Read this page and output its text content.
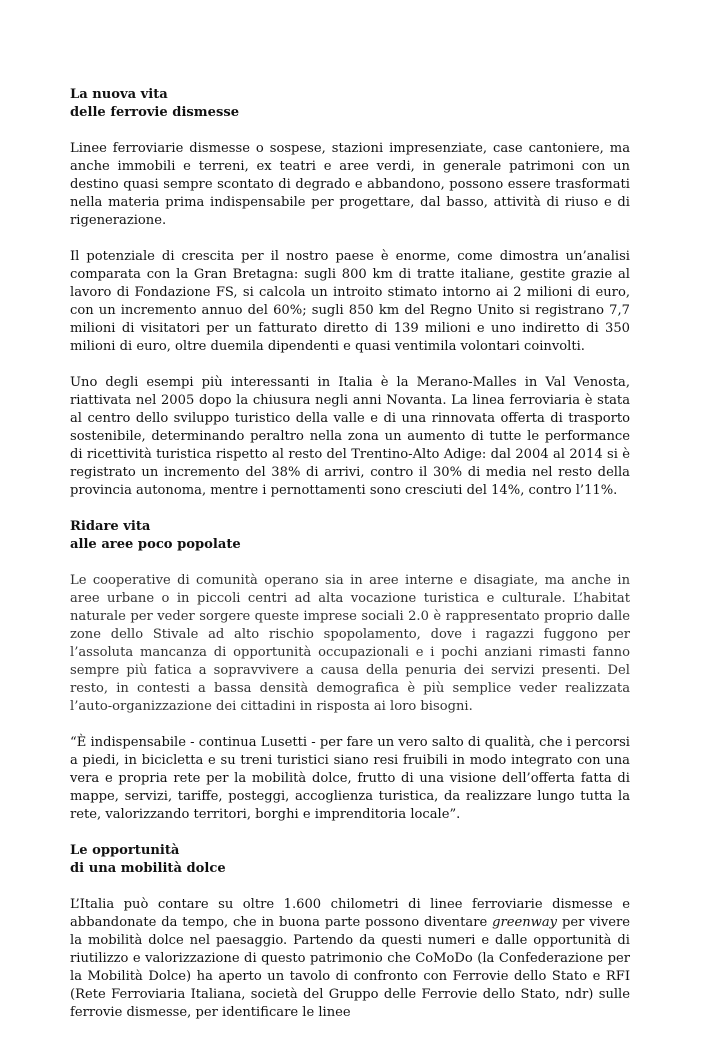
La nuova vita
delle ferrovie dismesse

Linee ferroviarie dismesse o sospese, stazioni impresenziate, case cantoniere, ma anche immobili e terreni, ex teatri e aree verdi, in generale patrimoni con un destino quasi sempre scontato di degrado e abbandono, possono essere trasformati nella materia prima indispensabile per progettare, dal basso, attività di riuso e di rigenerazione.

Il potenziale di crescita per il nostro paese è enorme, come dimostra un’analisi comparata con la Gran Bretagna: sugli 800 km di tratte italiane, gestite grazie al lavoro di Fondazione FS, si calcola un introito stimato intorno ai 2 milioni di euro, con un incremento annuo del 60%; sugli 850 km del Regno Unito si registrano 7,7 milioni di visitatori per un fatturato diretto di 139 milioni e uno indiretto di 350 milioni di euro, oltre duemila dipendenti e quasi ventimila volontari coinvolti.

Uno degli esempi più interessanti in Italia è la Merano-Malles in Val Venosta, riattivata nel 2005 dopo la chiusura negli anni Novanta. La linea ferroviaria è stata al centro dello sviluppo turistico della valle e di una rinnovata offerta di trasporto sostenibile, determinando peraltro nella zona un aumento di tutte le performance di ricettività turistica rispetto al resto del Trentino-Alto Adige: dal 2004 al 2014 si è registrato un incremento del 38% di arrivi, contro il 30% di media nel resto della provincia autonoma, mentre i pernottamenti sono cresciuti del 14%, contro l’11%.

Ridare vita
alle aree poco popolate

Le cooperative di comunità operano sia in aree interne e disagiate, ma anche in aree urbane o in piccoli centri ad alta vocazione turistica e culturale. L’habitat naturale per veder sorgere queste imprese sociali 2.0 è rappresentato proprio dalle zone dello Stivale ad alto rischio spopolamento, dove i ragazzi fuggono per l’assoluta mancanza di opportunità occupazionali e i pochi anziani rimasti fanno sempre più fatica a sopravvivere a causa della penuria dei servizi presenti. Del resto, in contesti a bassa densità demografica è più semplice veder realizzata l’auto-organizzazione dei cittadini in risposta ai loro bisogni.

“È indispensabile - continua Lusetti - per fare un vero salto di qualità, che i percorsi a piedi, in bicicletta e su treni turistici siano resi fruibili in modo integrato con una vera e propria rete per la mobilità dolce, frutto di una visione dell’offerta fatta di mappe, servizi, tariffe, posteggi, accoglienza turistica, da realizzare lungo tutta la rete, valorizzando territori, borghi e imprenditoria locale”.

Le opportunità
di una mobilità dolce

L’Italia può contare su oltre 1.600 chilometri di linee ferroviarie dismesse e abbandonate da tempo, che in buona parte possono diventare greenway per vivere la mobilità dolce nel paesaggio. Partendo da questi numeri e dalle opportunità di riutilizzo e valorizzazione di questo patrimonio che CoMoDo (la Confederazione per la Mobilità Dolce) ha aperto un tavolo di confronto con Ferrovie dello Stato e RFI (Rete Ferroviaria Italiana, società del Gruppo delle Ferrovie dello Stato, ndr) sulle ferrovie dismesse, per identificare le linee
